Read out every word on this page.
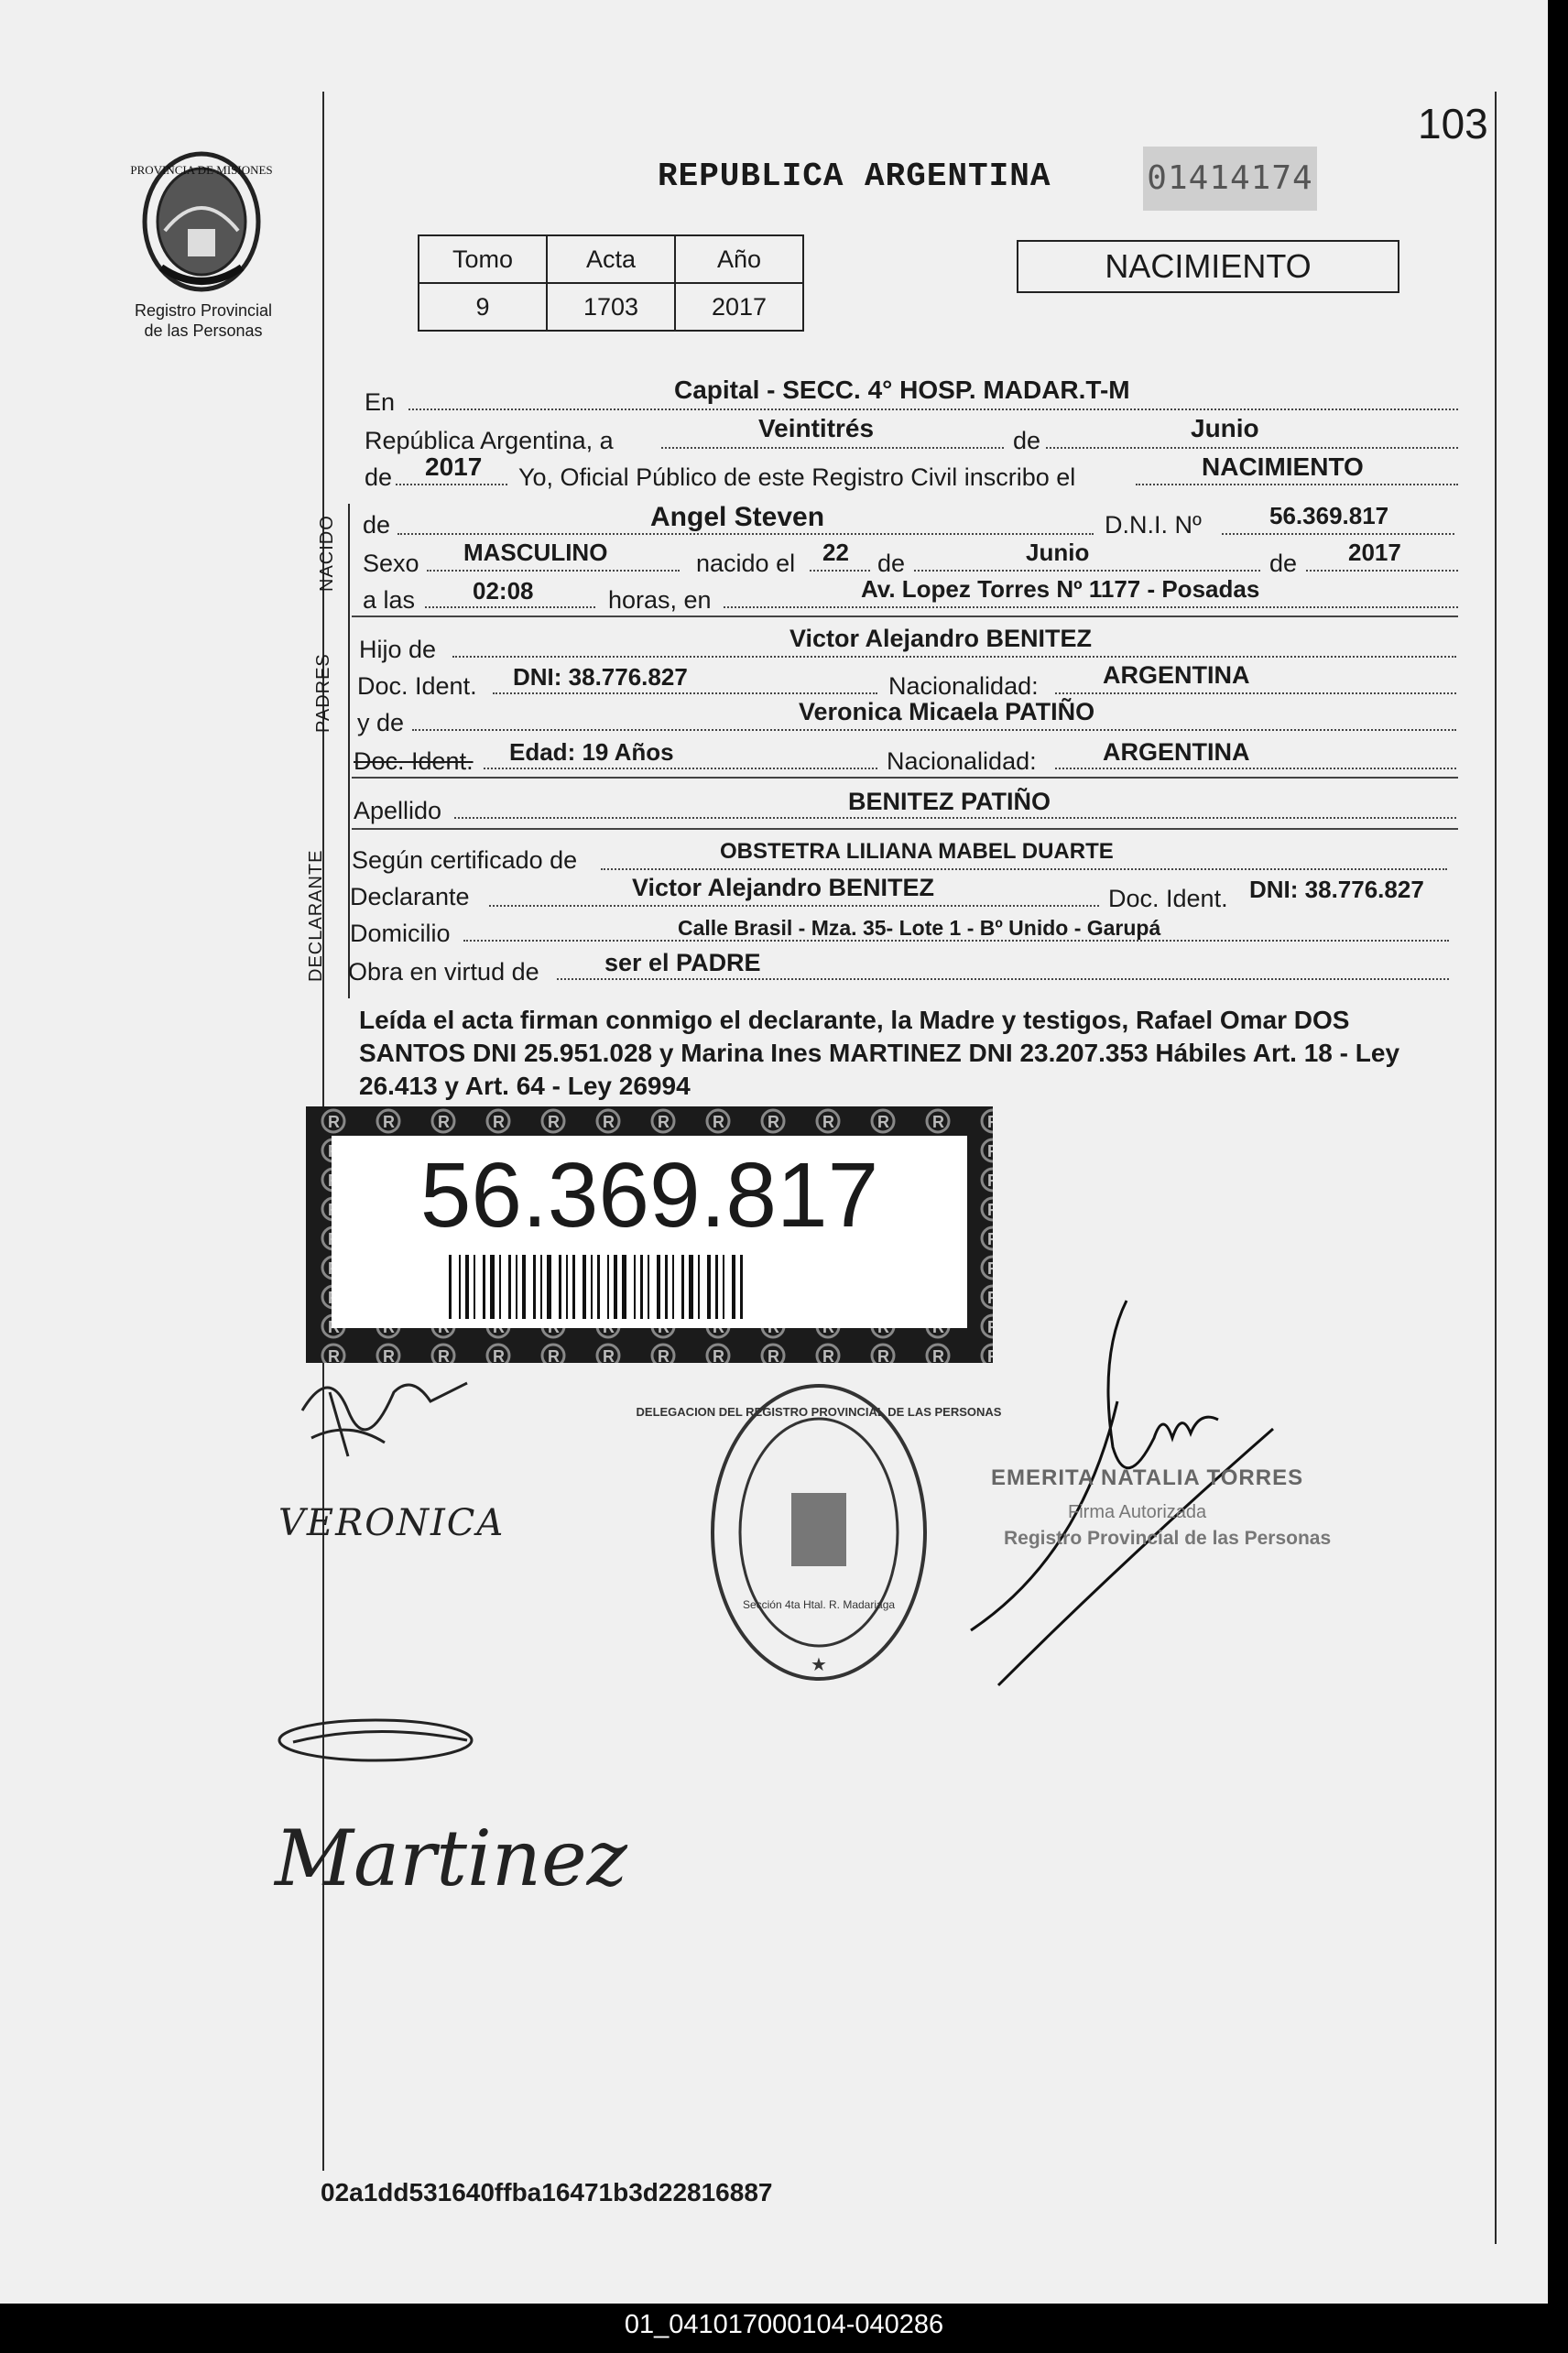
103
PROVINCIA DE MISIONES
Registro Provincial
de las Personas
REPUBLICA ARGENTINA	01414174
Tomo	Acta	Año
9	1703	2017
NACIMIENTO
En	Capital - SECC. 4° HOSP. MADAR.T-M
República Argentina, a	Veintitrés	de	Junio
de 2017 Yo, Oficial Público de este Registro Civil inscribo el	NACIMIENTO
NACIDO de	Angel Steven	D.N.I. Nº	56.369.817
Sexo MASCULINO	nacido el 22 de	Junio	de 2017
a las 02:08	horas, en	Av. Lopez Torres Nº 1177 - Posadas
PADRES
Hijo de	Victor Alejandro BENITEZ
Doc. Ident. DNI: 38.776.827	Nacionalidad:	ARGENTINA
y de	Veronica Micaela PATIÑO
Doc. Ident. Edad: 19 Años	Nacionalidad:	ARGENTINA
Apellido	BENITEZ PATIÑO
DECLARANTE Según certificado de	OBSTETRA LILIANA MABEL DUARTE
Declarante	Victor Alejandro BENITEZ	Doc. Ident. DNI: 38.776.827
Domicilio	Calle Brasil - Mza. 35- Lote 1 - Bº Unido - Garupá
Obra en virtud de	ser el PADRE
Leída el acta firman conmigo el declarante, la Madre y testigos, Rafael Omar DOS SANTOS DNI 25.951.028 y Marina Ines MARTINEZ DNI 23.207.353 Hábiles Art. 18 - Ley 26.413 y Art. 64 - Ley 26994
56.369.817
VERONICA
Martinez
★
DELEGACION DEL REGISTRO PROVINCIAL DE LAS PERSONAS
Sección 4ta Htal. R. Madariaga
EMERITA NATALIA TORRES
Firma Autorizada
Registro Provincial de las Personas
02a1dd531640ffba16471b3d22816887
01_041017000104-040286
